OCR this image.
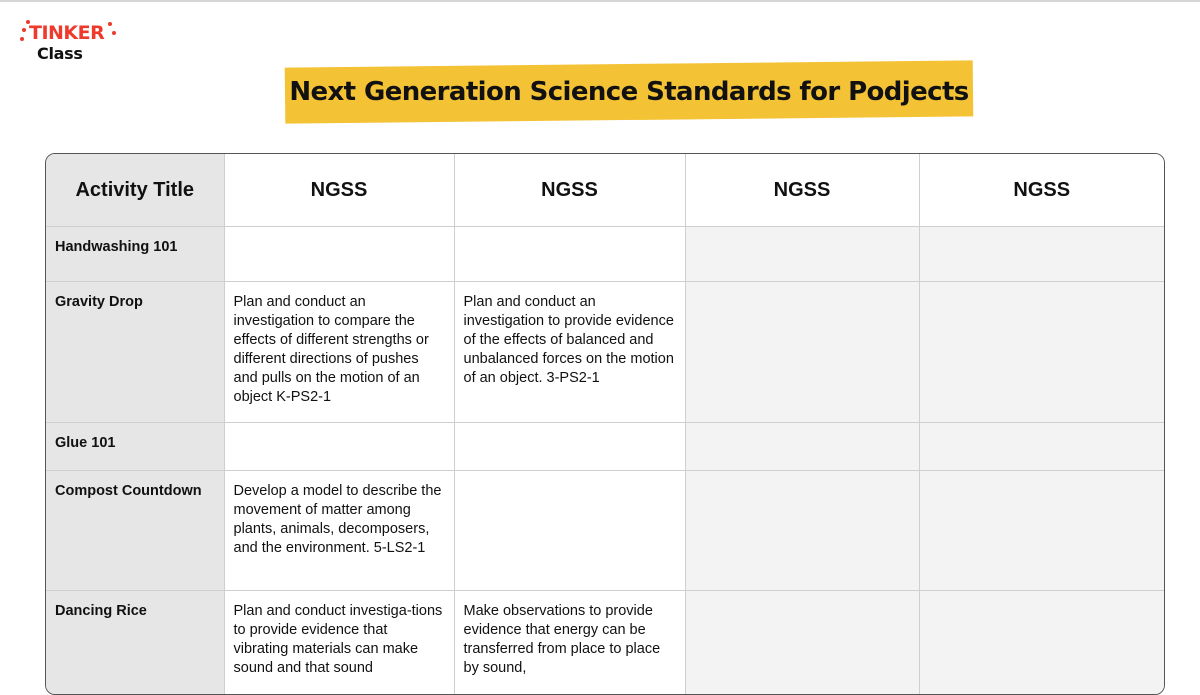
TINKER
Class
Next Generation Science Standards for Podjects
Activity Title	NGSS	NGSS	NGSS	NGSS
Handwashing 101				
Gravity Drop	Plan and conduct an investigation to compare the effects of different strengths or different directions of pushes and pulls on the motion of an object K-PS2-1	Plan and conduct an investigation to provide evidence of the effects of balanced and unbalanced forces on the motion of an object. 3-PS2-1		
Glue 101				
Compost Countdown	Develop a model to describe the movement of matter among plants, animals, decomposers, and the environment. 5-LS2-1			
Dancing Rice	Plan and conduct investiga-tions to provide evidence that vibrating materials can make sound and that sound	Make observations to provide evidence that energy can be transferred from place to place by sound,		
